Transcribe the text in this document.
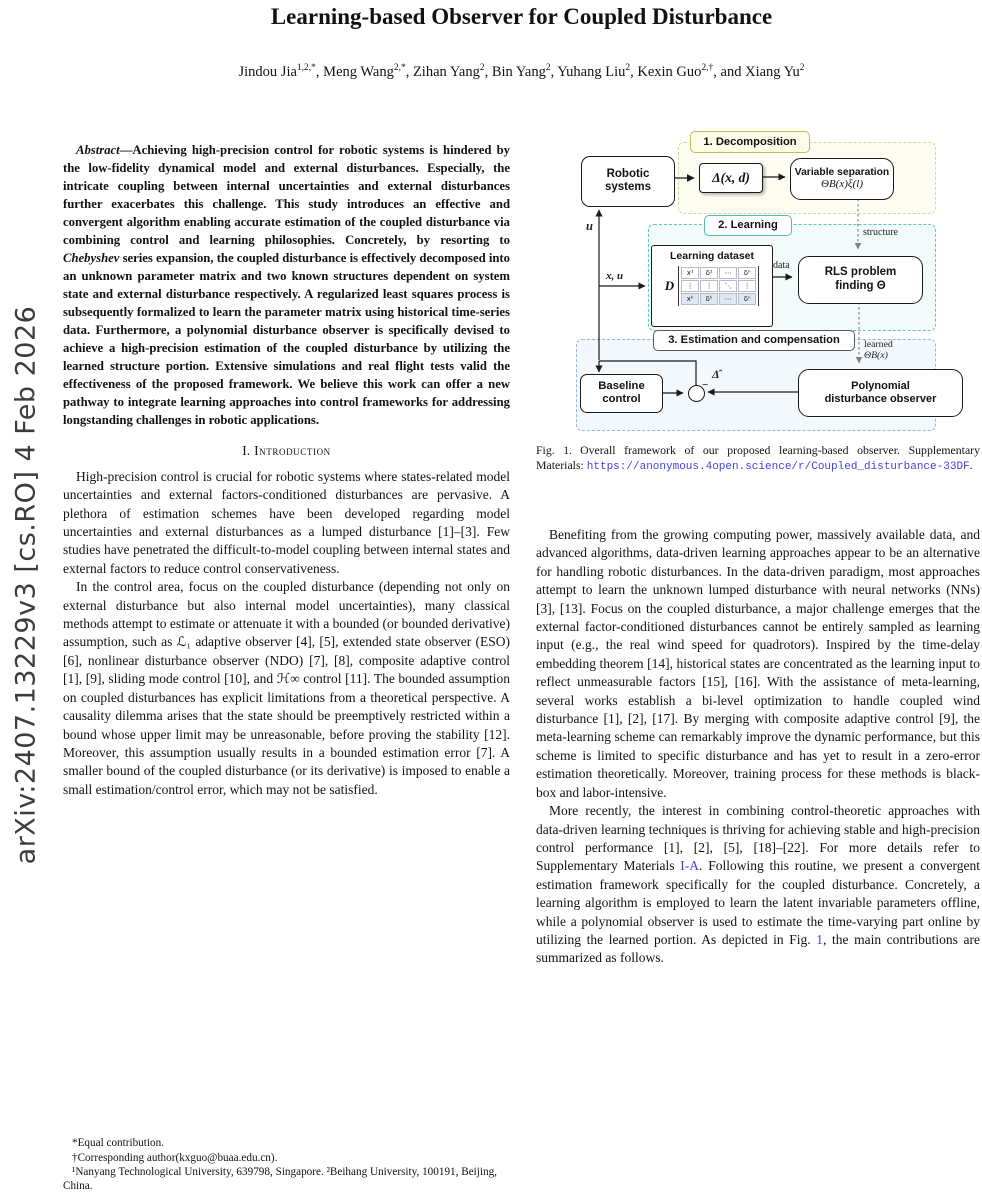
arXiv:2407.13229v3 [cs.RO] 4 Feb 2026
Learning-based Observer for Coupled Disturbance
Jindou Jia$^{1,2,*}$, Meng Wang$^{2,*}$, Zihan Yang$^2$, Bin Yang$^2$, Yuhang Liu$^2$, Kexin Guo$^{2,\dagger}$, and Xiang Yu$^2$

Abstract—Achieving high-precision control for robotic systems is hindered by the low-fidelity dynamical model and external disturbances. Especially, the intricate coupling between internal uncertainties and external disturbances further exacerbates this challenge. This study introduces an effective and convergent algorithm enabling accurate estimation of the coupled disturbance via combining control and learning philosophies. Concretely, by resorting to Chebyshev series expansion, the coupled disturbance is effectively decomposed into an unknown parameter matrix and two known structures dependent on system state and external disturbance respectively. A regularized least squares process is subsequently formalized to learn the parameter matrix using historical time-series data. Furthermore, a polynomial disturbance observer is specifically devised to achieve a high-precision estimation of the coupled disturbance by utilizing the learned structure portion. Extensive simulations and real flight tests valid the effectiveness of the proposed framework. We believe this work can offer a new pathway to integrate learning approaches into control frameworks for addressing longstanding challenges in robotic applications.

I. Introduction

High-precision control is crucial for robotic systems where states-related model uncertainties and external factors-conditioned disturbances are pervasive. A plethora of estimation schemes have been developed regarding model uncertainties and external disturbances as a lumped disturbance [1]–[3]. Few studies have penetrated the difficult-to-model coupling between internal states and external factors to reduce control conservativeness.

In the control area, focus on the coupled disturbance (depending not only on external disturbance but also internal model uncertainties), many classical methods attempt to estimate or attenuate it with a bounded (or bounded derivative) assumption, such as ℒ₁ adaptive observer [4], [5], extended state observer (ESO) [6], nonlinear disturbance observer (NDO) [7], [8], composite adaptive control [1], [9], sliding mode control [10], and ℋ∞ control [11]. The bounded assumption on coupled disturbances has explicit limitations from a theoretical perspective. A causality dilemma arises that the state should be preemptively restricted within a bound whose upper limit may be unreasonable, before proving the stability [12]. Moreover, this assumption usually results in a bounded estimation error [7]. A smaller bound of the coupled disturbance (or its derivative) is imposed to enable a small estimation/control error, which may not be satisfied.

*Equal contribution.

†Corresponding author(kxguo@buaa.edu.cn).

¹Nanyang Technological University, 639798, Singapore. ²Beihang University, 100191, Beijing, China.

1. Decomposition
2. Learning
3. Estimation and compensation
Robotic systems
Δ(x, d)	Variable separation
ΘB(x)ξ(l)
Learning dataset
D
x¹	δ¹	⋯	δⁿ
⋮	⋮	⋱	⋮
xᵏ	δᵏ	⋯	δⁿ
RLS problem
finding Θ
Baseline control
Polynomial disturbance observer
data
structure
learned
ΘB(x)
u
x, u
Δ̂
−
Fig. 1. Overall framework of our proposed learning-based observer. Supplementary Materials: https://anonymous.4open.science/r/Coupled_disturbance-33DF.

Benefiting from the growing computing power, massively available data, and advanced algorithms, data-driven learning approaches appear to be an alternative for handling robotic disturbances. In the data-driven paradigm, most approaches attempt to learn the unknown lumped disturbance with neural networks (NNs) [3], [13]. Focus on the coupled disturbance, a major challenge emerges that the external factor-conditioned disturbances cannot be entirely sampled as learning input (e.g., the real wind speed for quadrotors). Inspired by the time-delay embedding theorem [14], historical states are concentrated as the learning input to reflect unmeasurable factors [15], [16]. With the assistance of meta-learning, several works establish a bi-level optimization to handle coupled wind disturbance [1], [2], [17]. By merging with composite adaptive control [9], the meta-learning scheme can remarkably improve the dynamic performance, but this scheme is limited to specific disturbance and has yet to result in a zero-error estimation theoretically. Moreover, training process for these methods is black-box and labor-intensive.

More recently, the interest in combining control-theoretic approaches with data-driven learning techniques is thriving for achieving stable and high-precision control performance [1], [2], [5], [18]–[22]. For more details refer to Supplementary Materials I-A. Following this routine, we present a convergent estimation framework specifically for the coupled disturbance. Concretely, a learning algorithm is employed to learn the latent invariable parameters offline, while a polynomial observer is used to estimate the time-varying part online by utilizing the learned portion. As depicted in Fig. 1, the main contributions are summarized as follows.
